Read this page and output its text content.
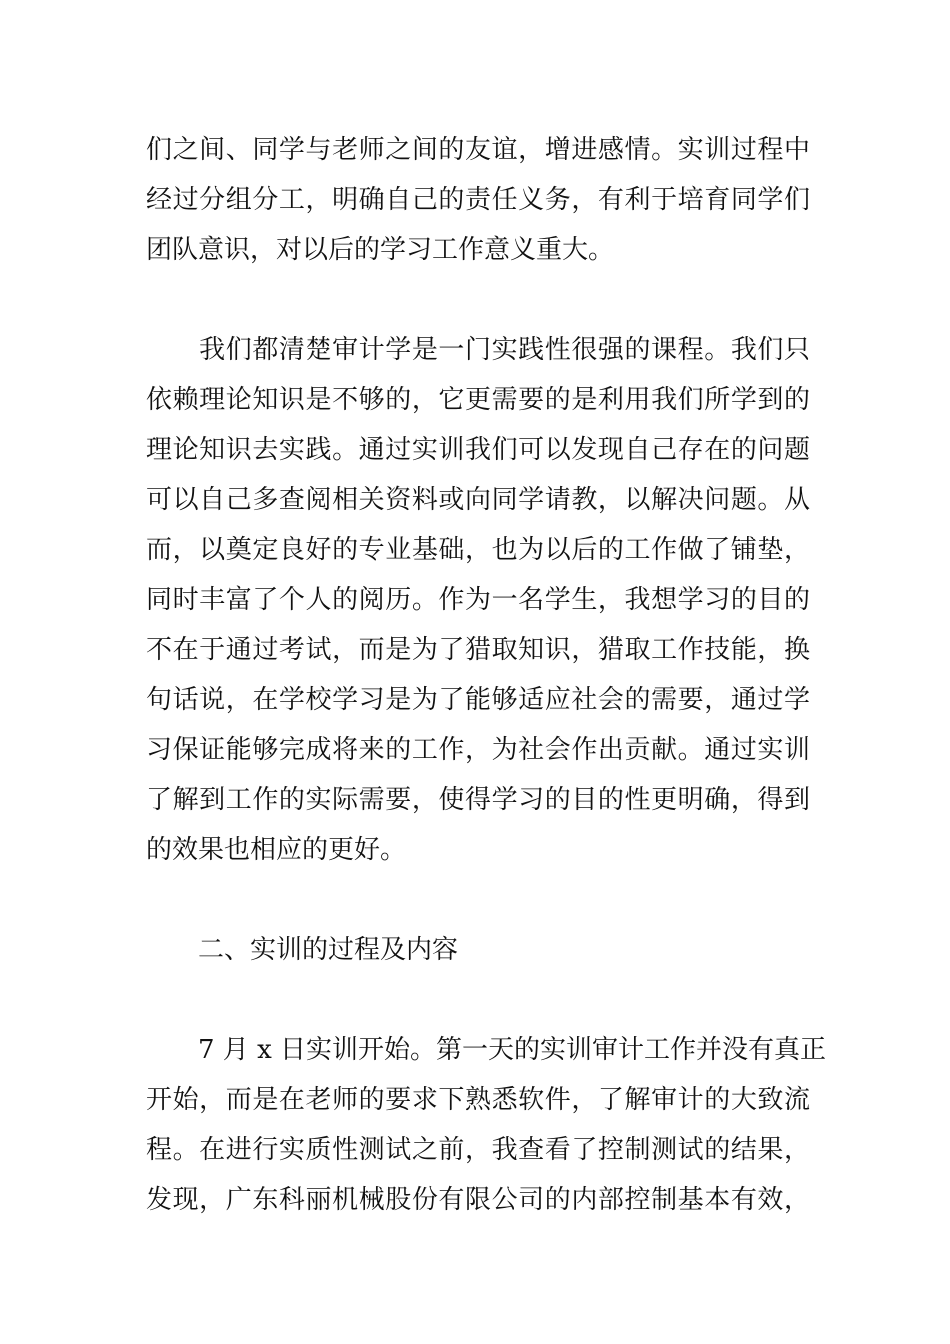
们之间、同学与老师之间的友谊，增进感情。实训过程中
经过分组分工，明确自己的责任义务，有利于培育同学们
团队意识，对以后的学习工作意义重大。
　　我们都清楚审计学是一门实践性很强的课程。我们只
依赖理论知识是不够的，它更需要的是利用我们所学到的
理论知识去实践。通过实训我们可以发现自己存在的问题
可以自己多查阅相关资料或向同学请教，以解决问题。从
而，以奠定良好的专业基础，也为以后的工作做了铺垫，
同时丰富了个人的阅历。作为一名学生，我想学习的目的
不在于通过考试，而是为了猎取知识，猎取工作技能，换
句话说，在学校学习是为了能够适应社会的需要，通过学
习保证能够完成将来的工作，为社会作出贡献。通过实训
了解到工作的实际需要，使得学习的目的性更明确，得到
的效果也相应的更好。
　　二、实训的过程及内容
　　7 月 x 日实训开始。第一天的实训审计工作并没有真正
开始，而是在老师的要求下熟悉软件，了解审计的大致流
程。在进行实质性测试之前，我查看了控制测试的结果，
发现，广东科丽机械股份有限公司的内部控制基本有效，
